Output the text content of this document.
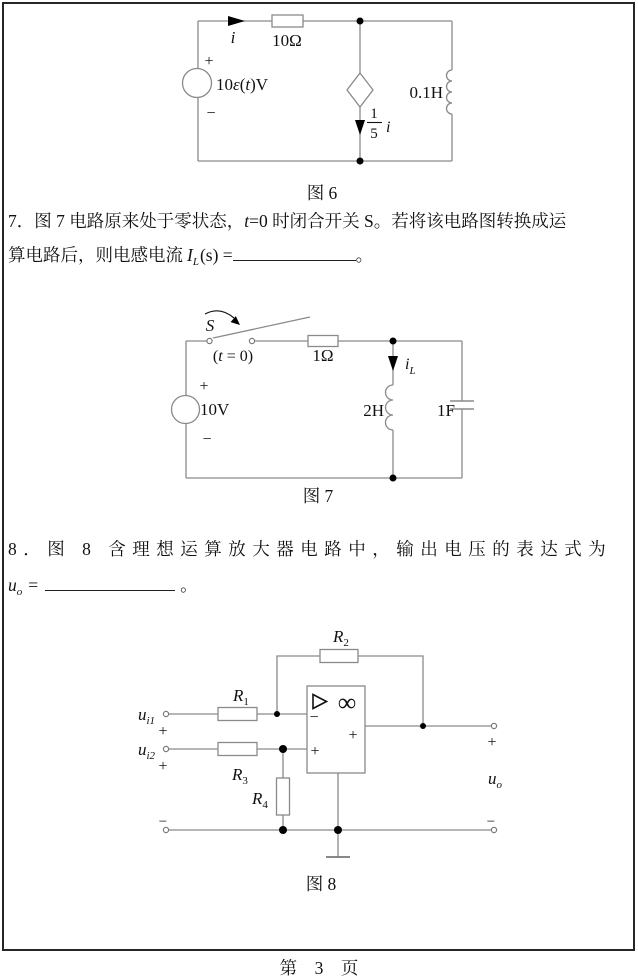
i 10Ω
+
−
10ε(t)V
1
5 i
0.1H
图 6
7．图 7 电路原来处于零状态，t=0 时闭合开关 S。若将该电路图转换成运
算电路后，则电感电流 $I_L(s)$ =	。
S
(t = 0)
+
10V
−
1Ω	$i_L$
2H	1F
图 7
8．图 8 含理想运算放大器电路中，输出电压的表达式为
$u_o$ =	。
∞
−
+
+
$R_1$
$R_2$
$R_3$
$R_4$
$u_{i1}$
$u_{i2}$
$u_o$
+
+
+
−	−
图 8
第　3　页
